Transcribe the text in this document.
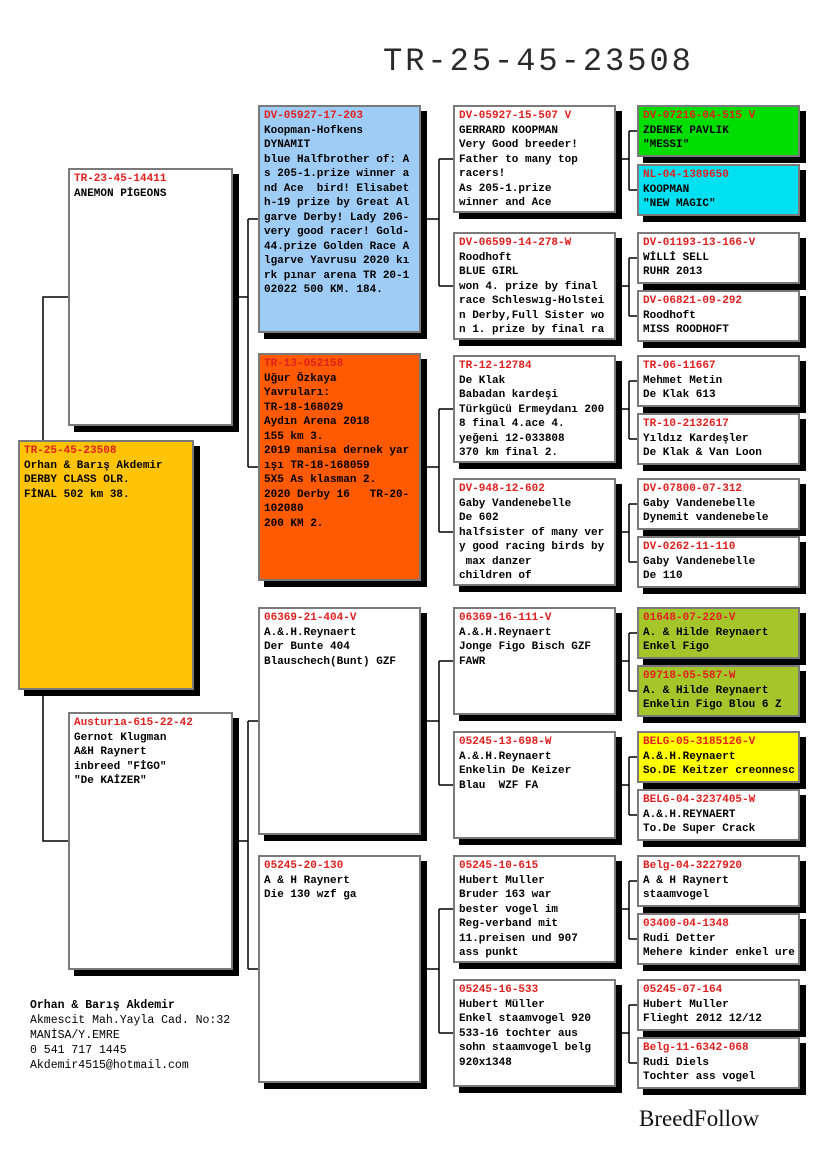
TR-25-45-23508
TR-25-45-23508
Orhan & Barış Akdemir
DERBY CLASS OLR.
FİNAL 502 km 38.
TR-23-45-14411
ANEMON PİGEONS
Austurıa-615-22-42
Gernot Klugman
A&H Raynert
inbreed "FİGO"
"De KAİZER"
DV-05927-17-203
Koopman-Hofkens
DYNAMIT
blue Halfbrother of: A
s 205-1.prize winner a
nd Ace  bird! Elisabet
h-19 prize by Great Al
garve Derby! Lady 206-
very good racer! Gold-
44.prize Golden Race A
lgarve Yavrusu 2020 kı
rk pınar arena TR 20-1
02022 500 KM. 184.
TR-13-052158
Uğur Özkaya
Yavruları:
TR-18-168029
Aydın Arena 2018
155 km 3.
2019 manisa dernek yar
ışı TR-18-168059
5X5 As klasman 2.
2020 Derby 16   TR-20-
102080
200 KM 2.
06369-21-404-V
A.&.H.Reynaert
Der Bunte 404
Blauschech(Bunt) GZF
05245-20-130
A & H Raynert
Die 130 wzf ga
DV-05927-15-507 V
GERRARD KOOPMAN
Very Good breeder!
Father to many top
racers!
As 205-1.prize
winner and Ace
DV-06599-14-278-W
Roodhoft
BLUE GIRL
won 4. prize by final
race Schleswıg-Holstei
n Derby,Full Sister wo
n 1. prize by final ra
TR-12-12784
De Klak
Babadan kardeşi
Türkgücü Ermeydanı 200
8 final 4.ace 4.
yeğeni 12-033808
370 km final 2.
DV-948-12-602
Gaby Vandenebelle
De 602
halfsister of many ver
y good racing birds by
max danzer
children of
06369-16-111-V
A.&.H.Reynaert
Jonge Figo Bisch GZF
FAWR
05245-13-698-W
A.&.H.Reynaert
Enkelin De Keizer
Blau  WZF FA
05245-10-615
Hubert Muller
Bruder 163 war
bester vogel im
Reg-verband mit
11.preisen und 907
ass punkt
05245-16-533
Hubert Müller
Enkel staamvogel 920
533-16 tochter aus
sohn staamvogel belg
920x1348
DV-07216-04-515 V
ZDENEK PAVLIK
"MESSI"
NL-04-1389650
KOOPMAN
"NEW MAGIC"
DV-01193-13-166-V
WİLLİ SELL
RUHR 2013
DV-06821-09-292
Roodhoft
MISS ROODHOFT
TR-06-11667
Mehmet Metin
De Klak 613
TR-10-2132617
Yıldız Kardeşler
De Klak & Van Loon
DV-07800-07-312
Gaby Vandenebelle
Dynemit vandenebele
DV-0262-11-110
Gaby Vandenebelle
De 110
01648-07-220-V
A. & Hilde Reynaert
Enkel Figo
09718-05-587-W
A. & Hilde Reynaert
Enkelin Figo Blou 6 Z
BELG-05-3185126-V
A.&.H.Reynaert
So.DE Keitzer creonnesc
BELG-04-3237405-W
A.&.H.REYNAERT
To.De Super Crack
Belg-04-3227920
A & H Raynert
staamvogel
03400-04-1348
Rudi Detter
Mehere kinder enkel ure
05245-07-164
Hubert Muller
Flieght 2012 12/12
Belg-11-6342-068
Rudi Diels
Tochter ass vogel
Orhan & Barış Akdemir
Akmescit Mah.Yayla Cad. No:32
MANİSA/Y.EMRE
0 541 717 1445
Akdemir4515@hotmail.com
BreedFollow
